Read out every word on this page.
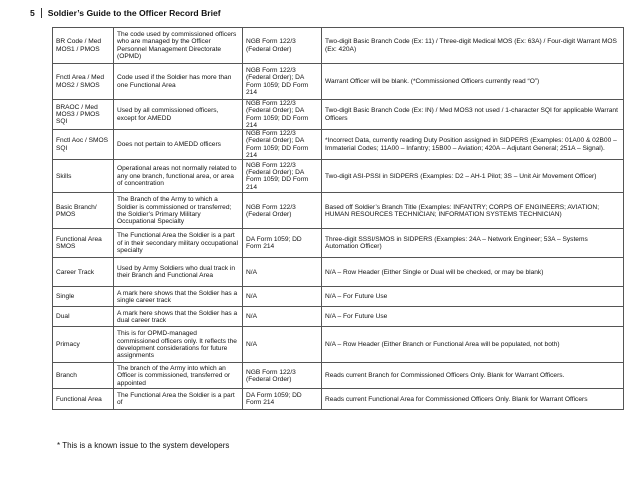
5	Soldier’s Guide to the Officer Record Brief
BR Code / Med MOS1 / PMOS	The code used by commissioned officers who are managed by the Officer Personnel Management Directorate (OPMD)	NGB Form 122/3 (Federal Order)	Two-digit Basic Branch Code (Ex: 11) / Three-digit Medical MOS (Ex: 63A) / Four-digit Warrant MOS (Ex: 420A)
Fnctl Area / Med MOS2 / SMOS	Code used if the Soldier has more than one Functional Area	NGB Form 122/3 (Federal Order); DA Form 1059; DD Form 214	Warrant Officer will be blank. (*Commissioned Officers currently read “O”)
BRAOC / Med MOS3 / PMOS SQI	Used by all commissioned officers, except for AMEDD	NGB Form 122/3 (Federal Order); DA Form 1059; DD Form 214	Two-digit Basic Branch Code (Ex: IN) / Med MOS3 not used / 1-character SQI for applicable Warrant Officers
Fnctl Aoc / SMOS SQI	Does not pertain to AMEDD officers	NGB Form 122/3 (Federal Order); DA Form 1059; DD Form 214	*Incorrect Data, currently reading Duty Position assigned in SIDPERS (Examples: 01A00 & 02B00 – Immaterial Codes; 11A00 – Infantry; 15B00 – Aviation; 420A – Adjutant General; 251A – Signal).
Skills	Operational areas not normally related to any one branch, functional area, or area of concentration	NGB Form 122/3 (Federal Order); DA Form 1059; DD Form 214	Two-digit ASI-PSSI in SIDPERS (Examples: D2 – AH-1 Pilot; 3S – Unit Air Movement Officer)
Basic Branch/ PMOS	The Branch of the Army to which a Soldier is commissioned or transferred; the Soldier’s Primary Military Occupational Specialty	NGB Form 122/3 (Federal Order)	Based off Soldier’s Branch Title (Examples: INFANTRY; CORPS OF ENGINEERS; AVIATION; HUMAN RESOURCES TECHNICIAN; INFORMATION SYSTEMS TECHNICIAN)
Functional Area SMOS	The Functional Area the Soldier is a part of in their secondary military occupational specialty	DA Form 1059; DD Form 214	Three-digit SSSI/SMOS in SIDPERS (Examples: 24A – Network Engineer; 53A – Systems Automation Officer)
Career Track	Used by Army Soldiers who dual track in their Branch and Functional Area	N/A	N/A – Row Header (Either Single or Dual will be checked, or may be blank)
Single	A mark here shows that the Soldier has a single career track	N/A	N/A – For Future Use
Dual	A mark here shows that the Soldier has a dual career track	N/A	N/A – For Future Use
Primacy	This is for OPMD-managed commissioned officers only. It reflects the development considerations for future assignments	N/A	N/A – Row Header (Either Branch or Functional Area will be populated, not both)
Branch	The branch of the Army into which an Officer is commissioned, transferred or appointed	NGB Form 122/3 (Federal Order)	Reads current Branch for Commissioned Officers Only. Blank for Warrant Officers.
Functional Area	The Functional Area the Soldier is a part of	DA Form 1059; DD Form 214	Reads current Functional Area for Commissioned Officers Only. Blank for Warrant Officers
* This is a known issue to the system developers
